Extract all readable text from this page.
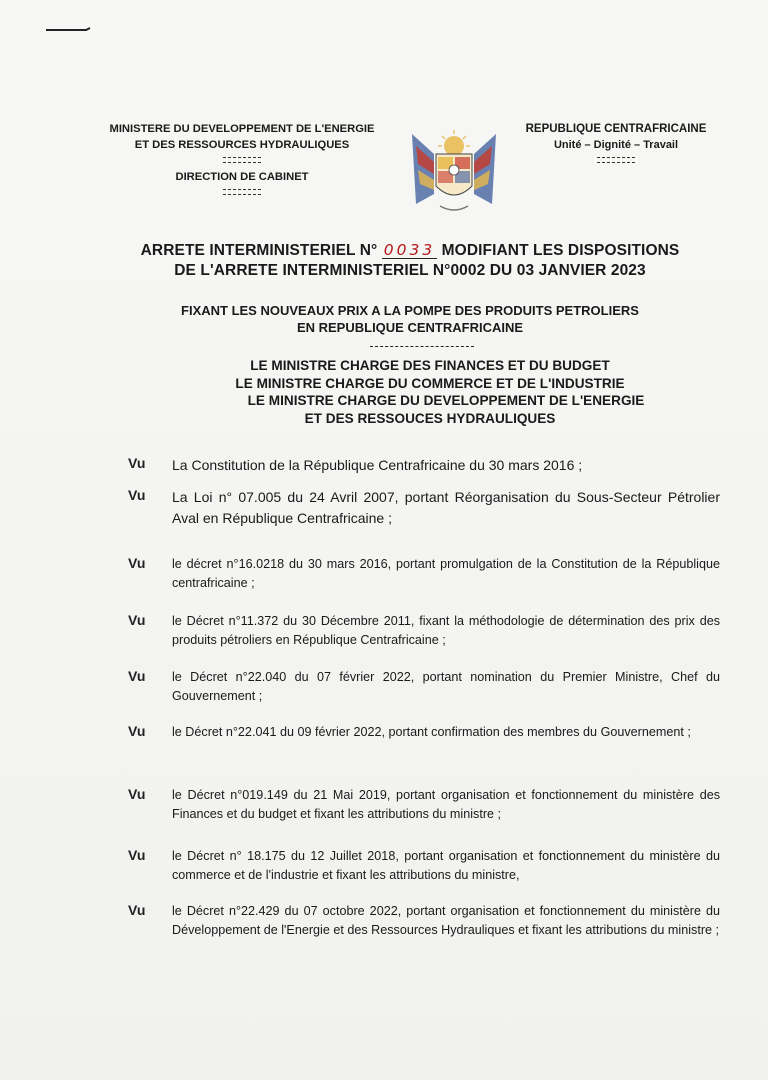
MINISTERE DU DEVELOPPEMENT DE L'ENERGIE
ET DES RESSOURCES HYDRAULIQUES
DIRECTION DE CABINET
REPUBLIQUE CENTRAFRICAINE
Unité – Dignité – Travail
ARRETE INTERMINISTERIEL N° 0033 MODIFIANT LES DISPOSITIONS
DE L'ARRETE INTERMINISTERIEL N°0002 DU 03 JANVIER 2023
FIXANT LES NOUVEAUX PRIX A LA POMPE DES PRODUITS PETROLIERS
EN REPUBLIQUE CENTRAFRICAINE
LE MINISTRE CHARGE DES FINANCES ET DU BUDGET
LE MINISTRE CHARGE DU COMMERCE ET DE L'INDUSTRIE
LE MINISTRE CHARGE DU DEVELOPPEMENT DE L'ENERGIE
ET DES RESSOUCES HYDRAULIQUES
Vu	La Constitution de la République Centrafricaine du 30 mars 2016 ;
Vu	La Loi n° 07.005 du 24 Avril 2007, portant Réorganisation du Sous-Secteur Pétrolier Aval en République Centrafricaine ;
Vu	le décret n°16.0218 du 30 mars 2016, portant promulgation de la Constitution de la République centrafricaine ;
Vu	le Décret n°11.372 du 30 Décembre 2011, fixant la méthodologie de détermination des prix des produits pétroliers en République Centrafricaine ;
Vu	le Décret n°22.040 du 07 février 2022, portant nomination du Premier Ministre, Chef du Gouvernement ;
Vu	le Décret n°22.041 du 09 février 2022, portant confirmation des membres du Gouvernement ;
Vu	le Décret n°019.149 du 21 Mai 2019, portant organisation et fonctionnement du ministère des Finances et du budget et fixant les attributions du ministre ;
Vu	le Décret n° 18.175 du 12 Juillet 2018, portant organisation et fonctionnement du ministère du commerce et de l'industrie et fixant les attributions du ministre,
Vu	le Décret n°22.429 du 07 octobre 2022, portant organisation et fonctionnement du ministère du Développement de l'Energie et des Ressources Hydrauliques et fixant les attributions du ministre ;
